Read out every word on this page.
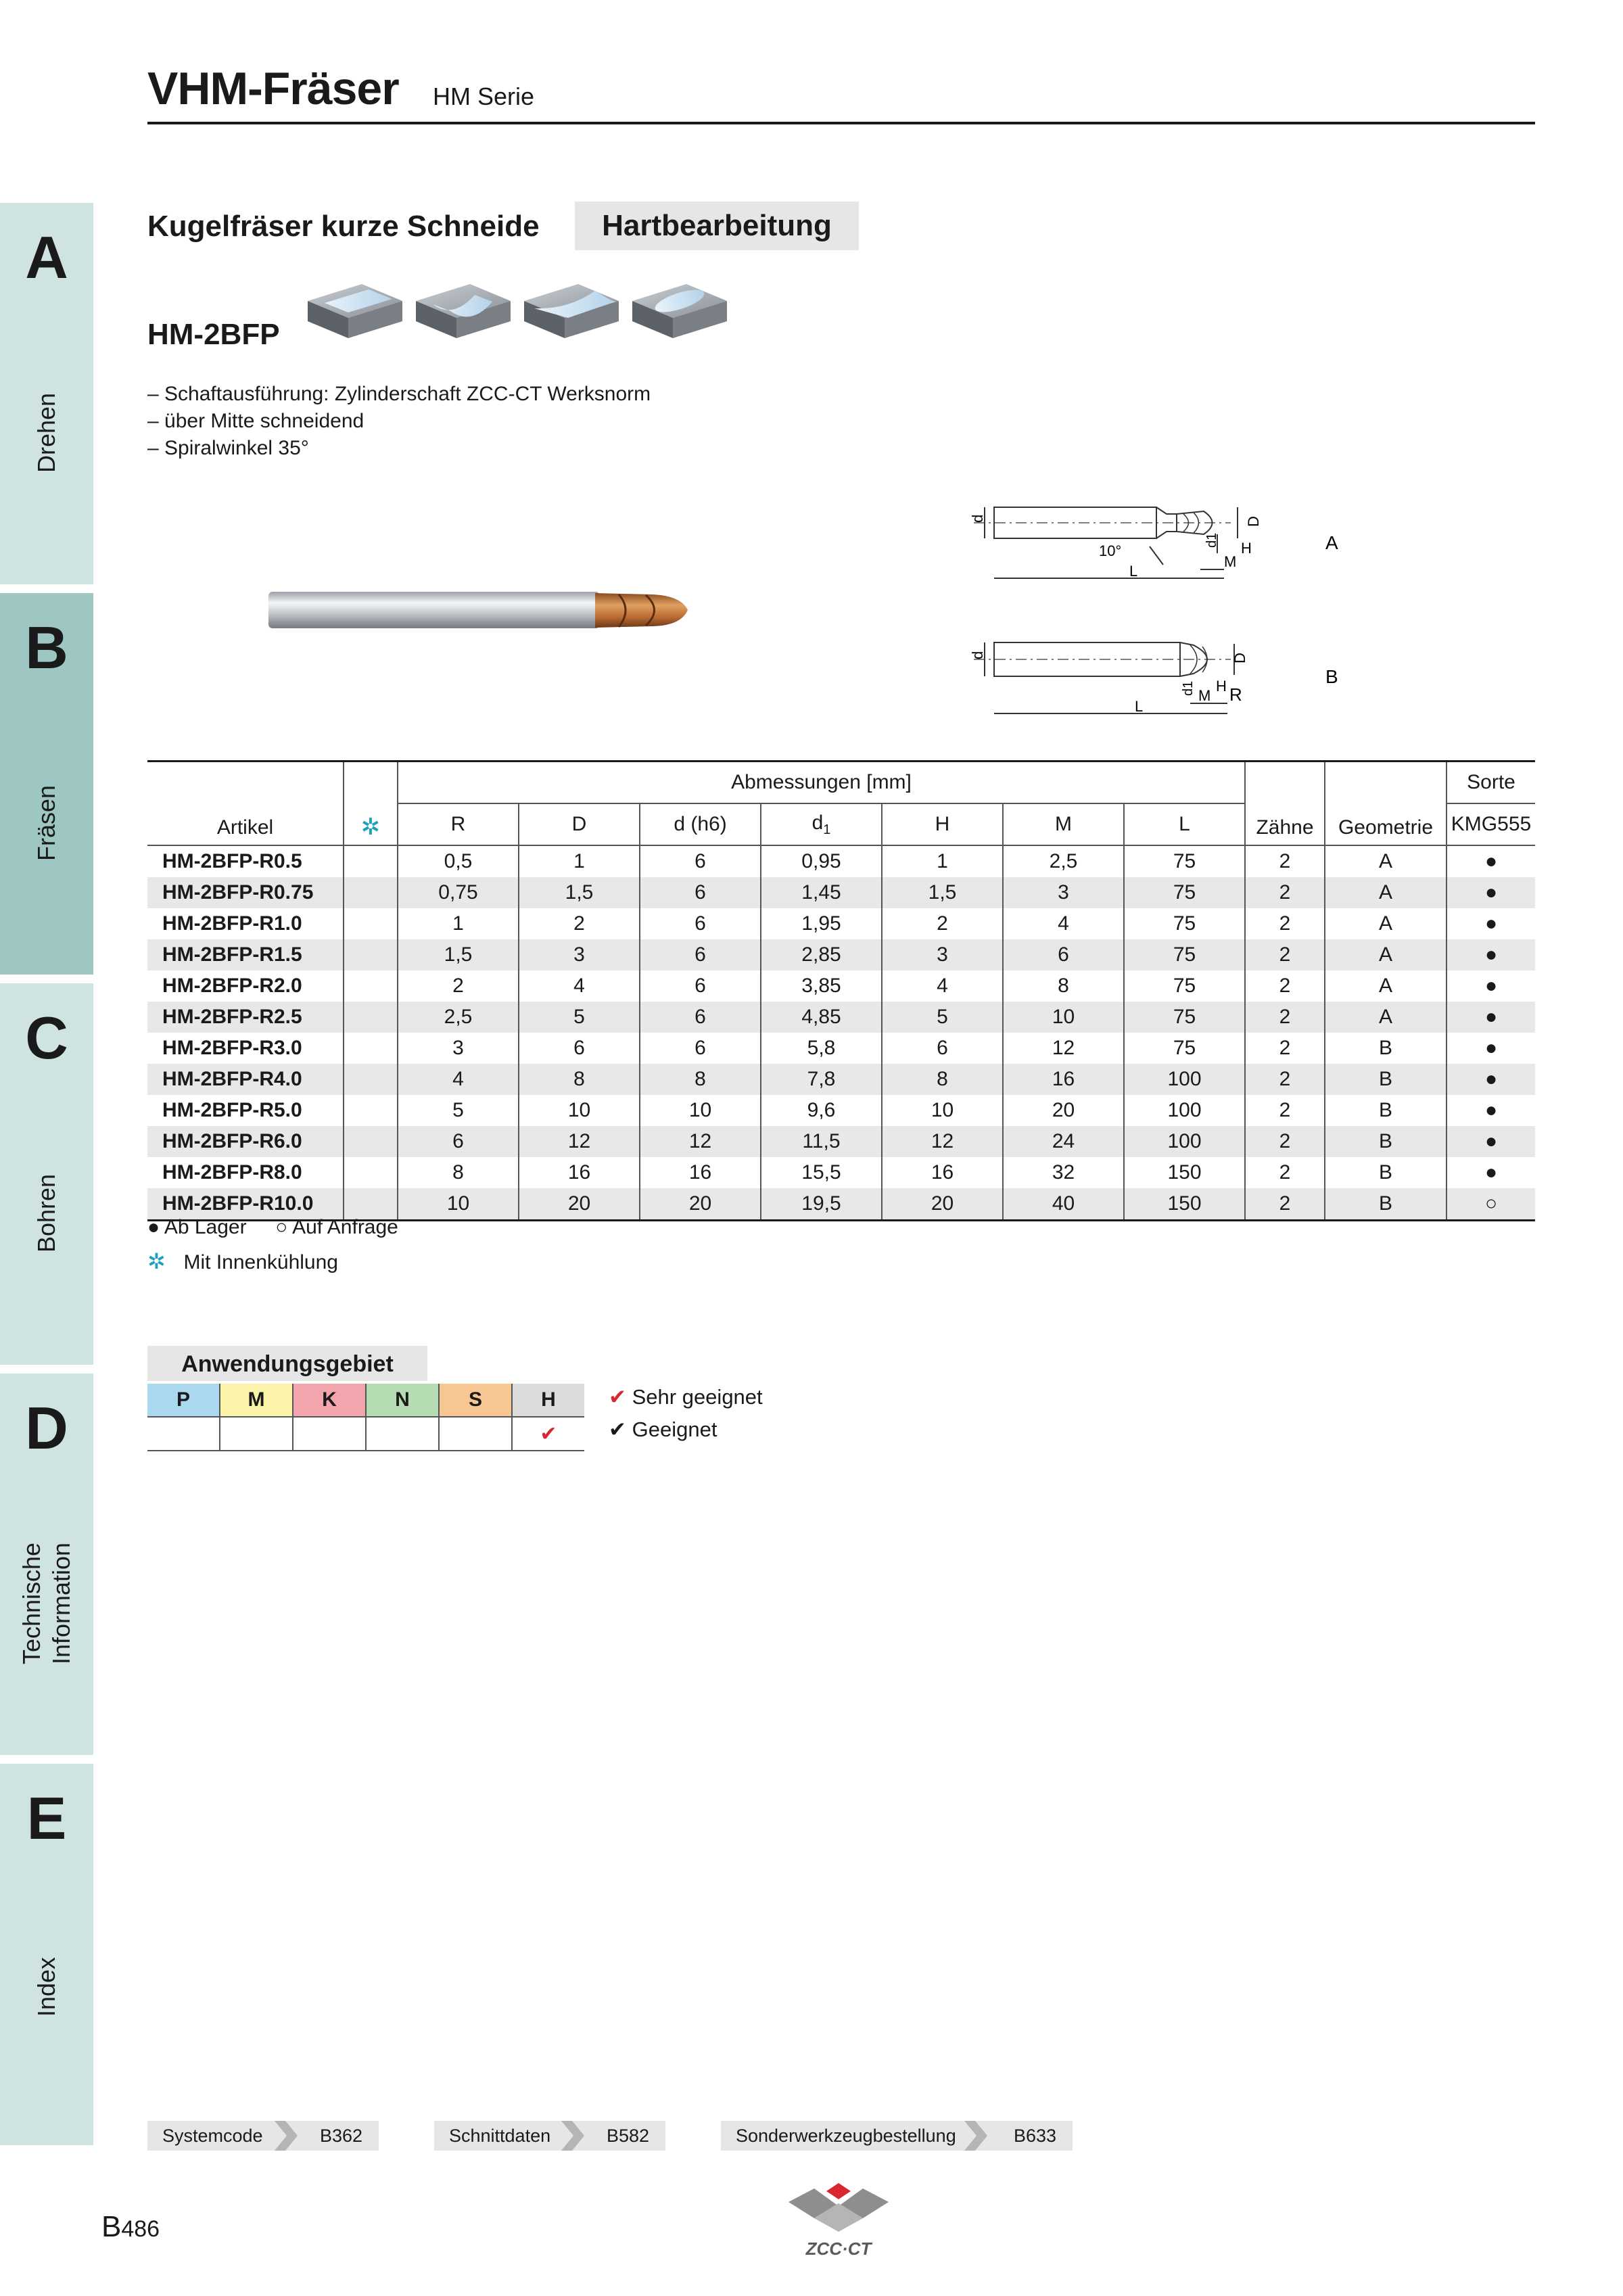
VHM-Fräser HM Serie
A
Drehen
B
Fräsen
C
Bohren
D
Technische Information
E
Index
Kugelfräser kurze Schneide	Hartbearbeitung
HM-2BFP
– Schaftausführung: Zylinderschaft ZCC-CT Werksnorm
– über Mitte schneidend
– Spiralwinkel 35°
d
10°
L
d1
M
H
D
A
d
L
d1 M
H
D
R
B
Artikel	✲	Abmessungen [mm]							Zähne	Geometrie	Sorte
		R	D	d (h6)	$d_1$	H	M	L			KMG555
HM-2BFP-R0.5		0,5	1	6	0,95	1	2,5	75	2	A	●
HM-2BFP-R0.75		0,75	1,5	6	1,45	1,5	3	75	2	A	●
HM-2BFP-R1.0		1	2	6	1,95	2	4	75	2	A	●
HM-2BFP-R1.5		1,5	3	6	2,85	3	6	75	2	A	●
HM-2BFP-R2.0		2	4	6	3,85	4	8	75	2	A	●
HM-2BFP-R2.5		2,5	5	6	4,85	5	10	75	2	A	●
HM-2BFP-R3.0		3	6	6	5,8	6	12	75	2	B	●
HM-2BFP-R4.0		4	8	8	7,8	8	16	100	2	B	●
HM-2BFP-R5.0		5	10	10	9,6	10	20	100	2	B	●
HM-2BFP-R6.0		6	12	12	11,5	12	24	100	2	B	●
HM-2BFP-R8.0		8	16	16	15,5	16	32	150	2	B	●
HM-2BFP-R10.0		10	20	20	19,5	20	40	150	2	B	○
● Ab Lager ○ Auf Anfrage
✲ Mit Innenkühlung
Anwendungsgebiet
P	M	K	N	S	H
					✔
✔ Sehr geeignet
✔ Geeignet
Systemcode	B362	Schnittdaten	B582	Sonderwerkzeugbestellung	B633
B486
ZCC·CT
